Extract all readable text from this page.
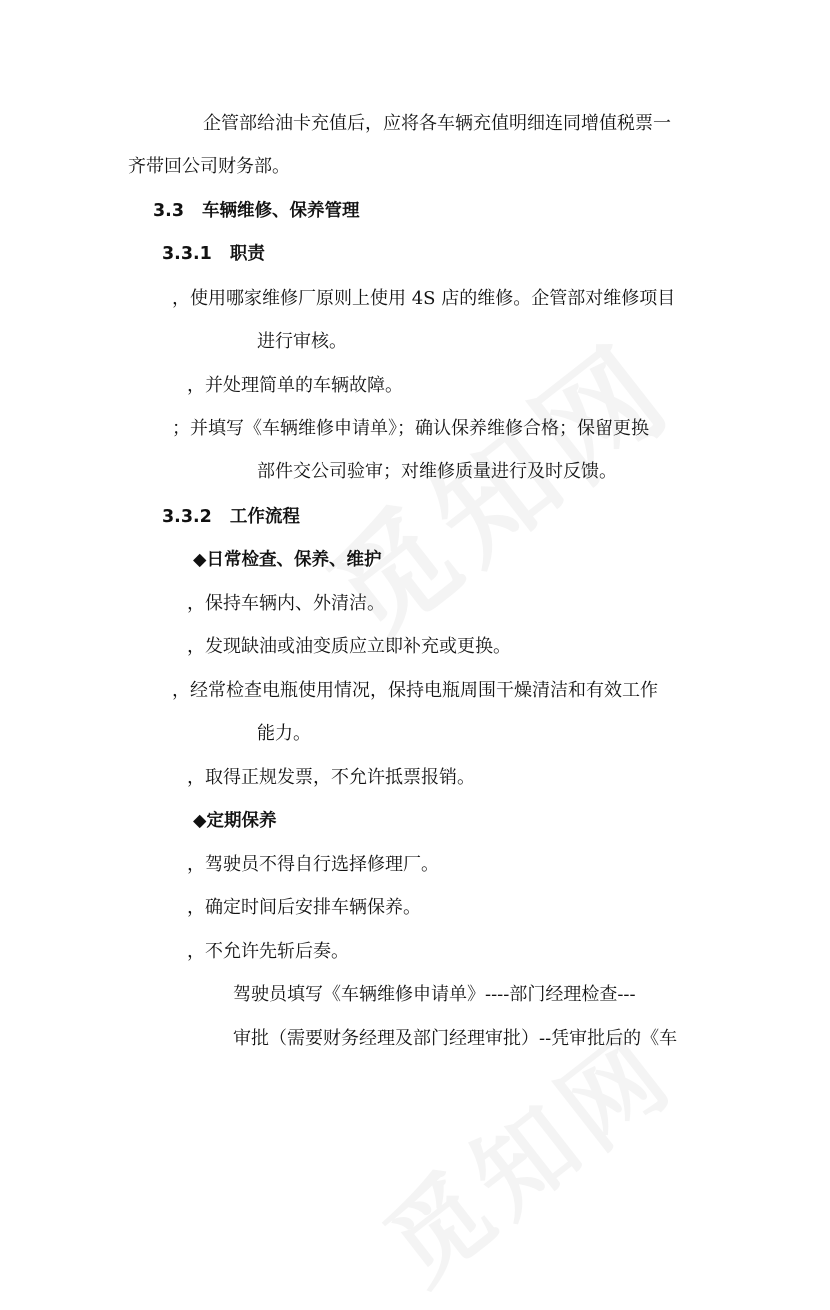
企管部给油卡充值后，应将各车辆充值明细连同增值税票一
齐带回公司财务部。
3.3 车辆维修、保养管理
3.3.1 职责
，使用哪家维修厂原则上使用 4S 店的维修。企管部对维修项目
进行审核。
，并处理简单的车辆故障。
；并填写《车辆维修申请单》；确认保养维修合格；保留更换
部件交公司验审；对维修质量进行及时反馈。
3.3.2 工作流程
◆日常检查、保养、维护
，保持车辆内、外清洁。
，发现缺油或油变质应立即补充或更换。
，经常检查电瓶使用情况，保持电瓶周围干燥清洁和有效工作
能力。
，取得正规发票，不允许抵票报销。
◆定期保养
，驾驶员不得自行选择修理厂。
，确定时间后安排车辆保养。
，不允许先斩后奏。
驾驶员填写《车辆维修申请单》----部门经理检查---
审批（需要财务经理及部门经理审批）--凭审批后的《车
